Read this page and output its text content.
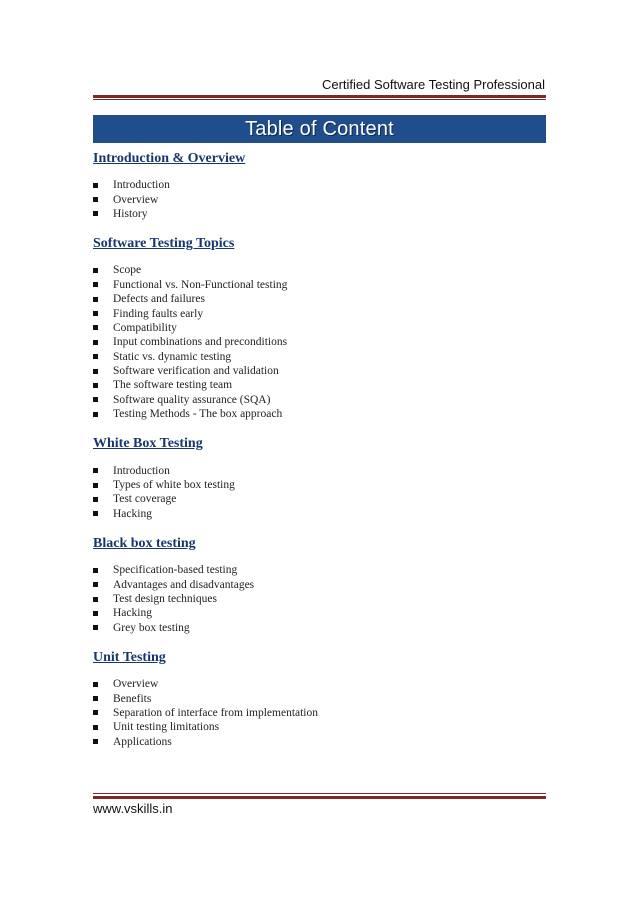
Certified Software Testing Professional
Table of Content
Introduction & Overview
Introduction
Overview
History
Software Testing Topics
Scope
Functional vs. Non-Functional testing
Defects and failures
Finding faults early
Compatibility
Input combinations and preconditions
Static vs. dynamic testing
Software verification and validation
The software testing team
Software quality assurance (SQA)
Testing Methods - The box approach
White Box Testing
Introduction
Types of white box testing
Test coverage
Hacking
Black box testing
Specification-based testing
Advantages and disadvantages
Test design techniques
Hacking
Grey box testing
Unit Testing
Overview
Benefits
Separation of interface from implementation
Unit testing limitations
Applications
www.vskills.in
